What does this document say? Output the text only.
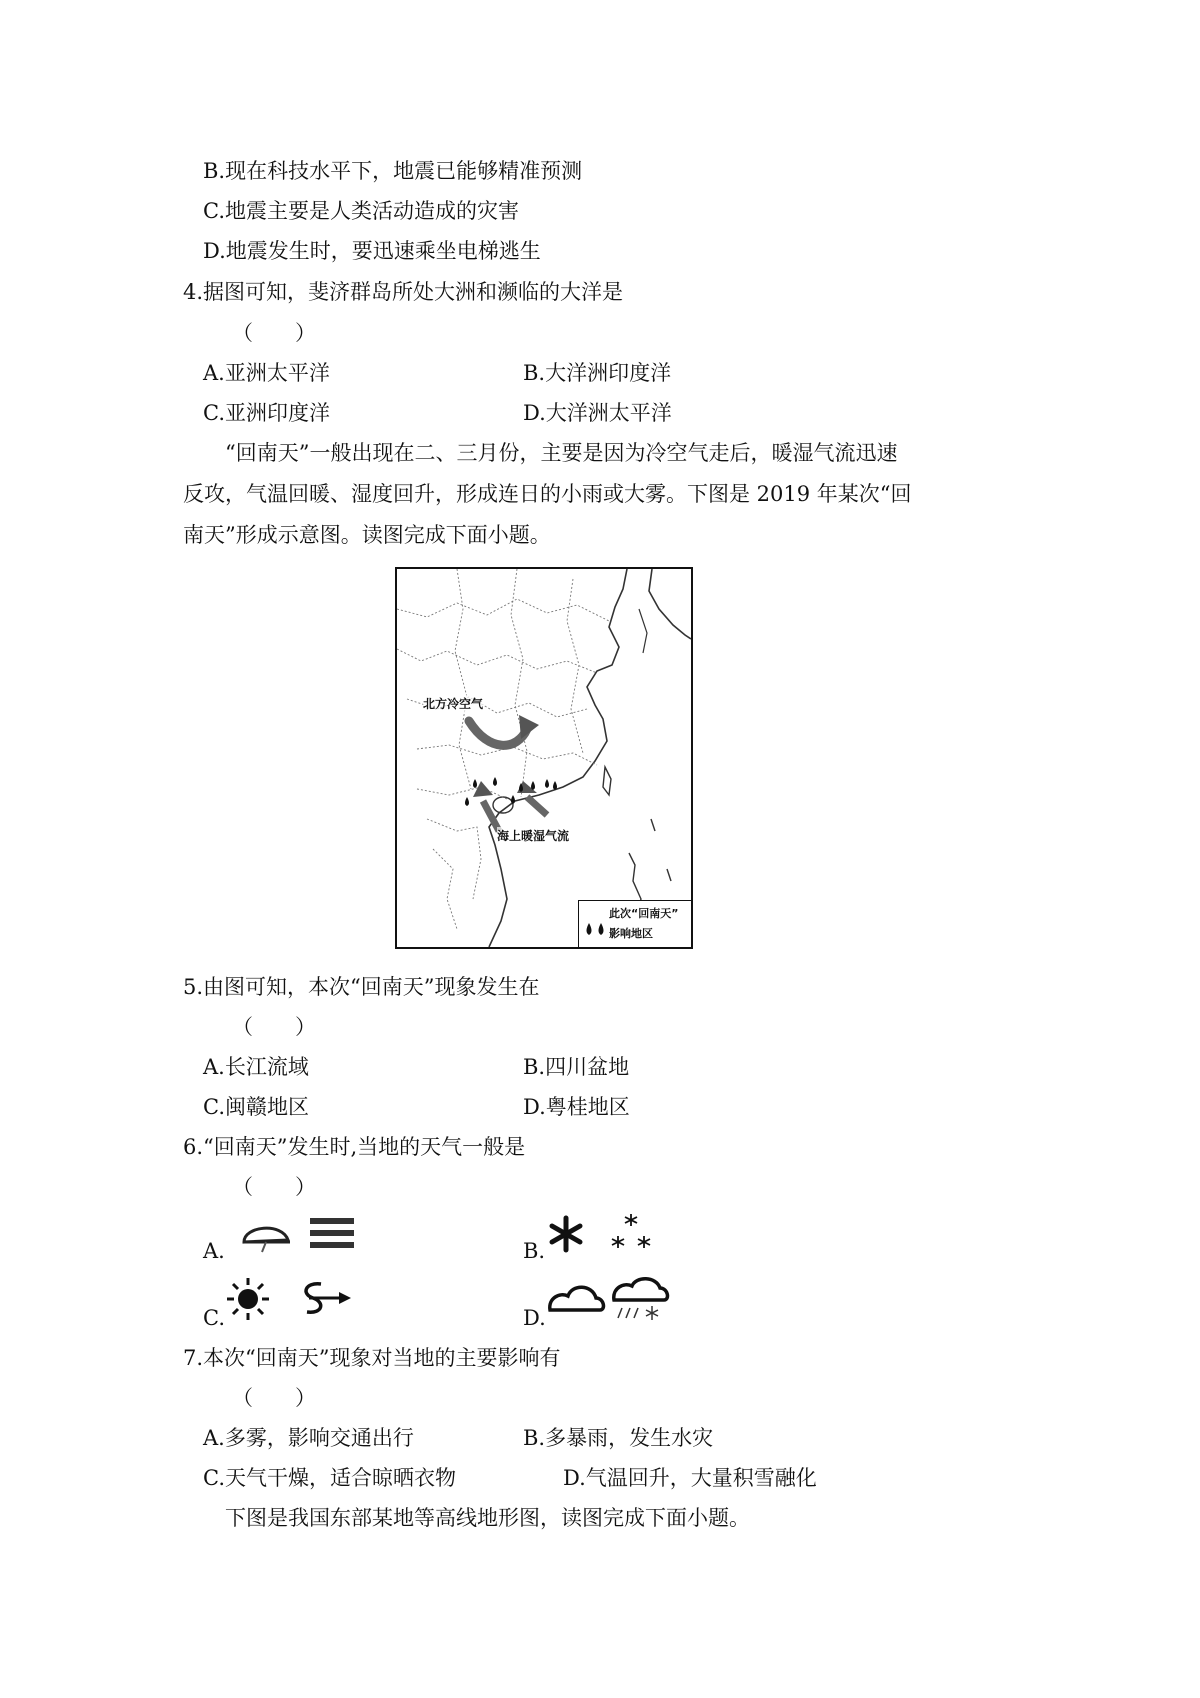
B.现在科技水平下，地震已能够精准预测
C.地震主要是人类活动造成的灾害
D.地震发生时，要迅速乘坐电梯逃生
4.据图可知，斐济群岛所处大洲和濒临的大洋是
（　　）
A.亚洲太平洋	B.大洋洲印度洋
C.亚洲印度洋	D.大洋洲太平洋
“回南天”一般出现在二、三月份，主要是因为冷空气走后，暖湿气流迅速反攻，气温回暖、湿度回升，形成连日的小雨或大雾。下图是 2019 年某次“回南天”形成示意图。读图完成下面小题。
北方冷空气
海上暖湿气流
此次“回南天”
影响地区
5.由图可知，本次“回南天”现象发生在
（　　）
A.长江流域	B.四川盆地
C.闽赣地区	D.粤桂地区
6.“回南天”发生时,当地的天气一般是
（　　）
A.	B.
C.	D.
7.本次“回南天”现象对当地的主要影响有
（　　）
A.多雾，影响交通出行	B.多暴雨，发生水灾
C.天气干燥，适合晾晒衣物	D.气温回升，大量积雪融化
下图是我国东部某地等高线地形图，读图完成下面小题。
